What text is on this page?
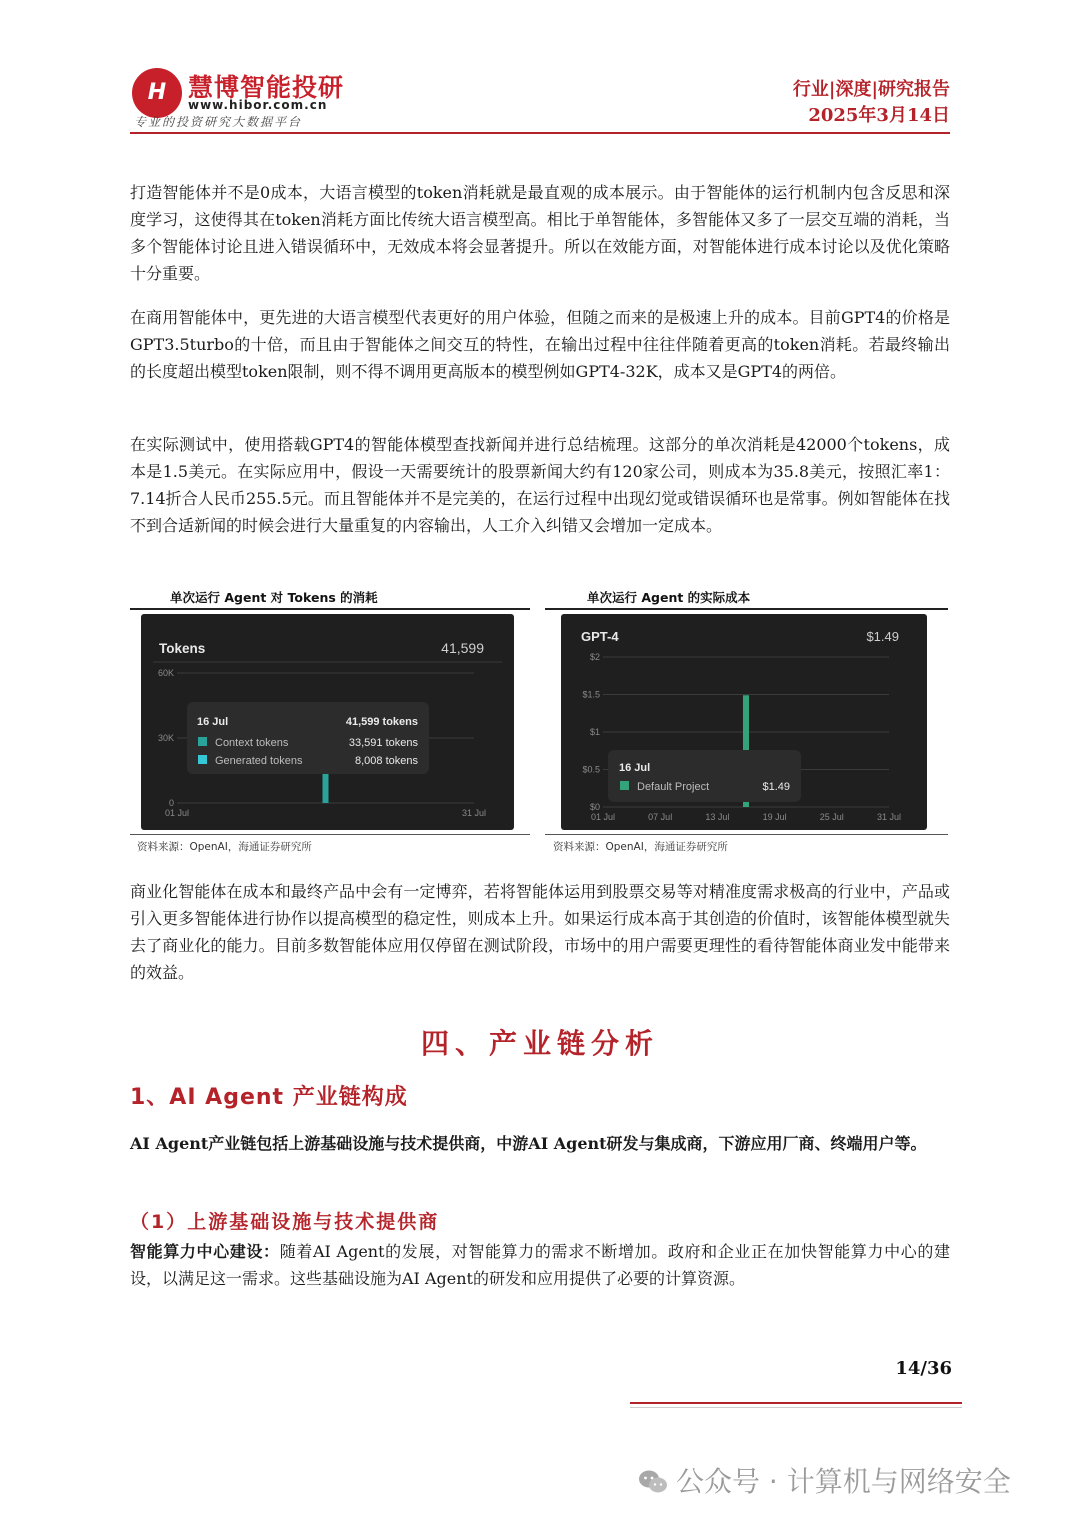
H 慧博智能投研
www.hibor.com.cn
专业的投资研究大数据平台
行业|深度|研究报告
2025年3月14日
打造智能体并不是0成本，大语言模型的token消耗就是最直观的成本展示。由于智能体的运行机制内包含反思和深度学习，这使得其在token消耗方面比传统大语言模型高。相比于单智能体，多智能体又多了一层交互端的消耗，当多个智能体讨论且进入错误循环中，无效成本将会显著提升。所以在效能方面，对智能体进行成本讨论以及优化策略十分重要。
在商用智能体中，更先进的大语言模型代表更好的用户体验，但随之而来的是极速上升的成本。目前GPT4的价格是GPT3.5turbo的十倍，而且由于智能体之间交互的特性，在输出过程中往往伴随着更高的token消耗。若最终输出的长度超出模型token限制，则不得不调用更高版本的模型例如GPT4-32K，成本又是GPT4的两倍。
在实际测试中，使用搭载GPT4的智能体模型查找新闻并进行总结梳理。这部分的单次消耗是42000个tokens，成本是1.5美元。在实际应用中，假设一天需要统计的股票新闻大约有120家公司，则成本为35.8美元，按照汇率1：7.14折合人民币255.5元。而且智能体并不是完美的，在运行过程中出现幻觉或错误循环也是常事。例如智能体在找不到合适新闻的时候会进行大量重复的内容输出，人工介入纠错又会增加一定成本。
单次运行 Agent 对 Tokens 的消耗
Tokens	41,599
60K
30K
0
01 Jul	31 Jul
16 Jul	41,599 tokens
Context tokens	33,591 tokens
Generated tokens	8,008 tokens
资料来源：OpenAI，海通证券研究所
单次运行 Agent 的实际成本
GPT-4	$1.49
$2
$1.5
$1
$0.5
$0
01 Jul	07 Jul	13 Jul	19 Jul	25 Jul	31 Jul
16 Jul
Default Project	$1.49
资料来源：OpenAI，海通证券研究所
商业化智能体在成本和最终产品中会有一定博弈，若将智能体运用到股票交易等对精准度需求极高的行业中，产品或引入更多智能体进行协作以提高模型的稳定性，则成本上升。如果运行成本高于其创造的价值时，该智能体模型就失去了商业化的能力。目前多数智能体应用仅停留在测试阶段，市场中的用户需要更理性的看待智能体商业发中能带来的效益。
四、产业链分析
1、AI Agent 产业链构成
AI Agent产业链包括上游基础设施与技术提供商，中游AI Agent研发与集成商，下游应用厂商、终端用户等。
（1）上游基础设施与技术提供商
智能算力中心建设：随着AI Agent的发展，对智能算力的需求不断增加。政府和企业正在加快智能算力中心的建设，以满足这一需求。这些基础设施为AI Agent的研发和应用提供了必要的计算资源。
14/36
公众号 · 计算机与网络安全
